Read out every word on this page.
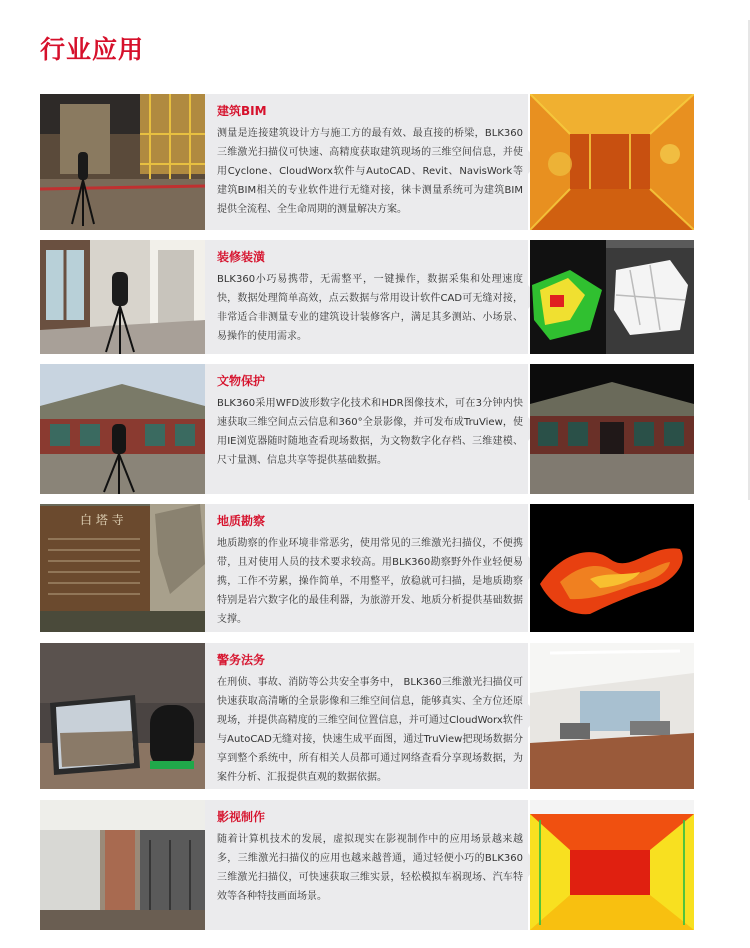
行业应用
建筑BIM
测量是连接建筑设计方与施工方的最有效、最直接的桥梁，BLK360三维激光扫描仪可快速、高精度获取建筑现场的三维空间信息，并使用Cyclone、CloudWorx软件与AutoCAD、Revit、NavisWork等建筑BIM相关的专业软件进行无缝对接，徕卡测量系统可为建筑BIM提供全流程、全生命周期的测量解决方案。
装修装潢
BLK360小巧易携带，无需整平，一键操作，数据采集和处理速度快，数据处理简单高效，点云数据与常用设计软件CAD可无缝对接，非常适合非测量专业的建筑设计装修客户，满足其多测站、小场景、易操作的使用需求。
文物保护
BLK360采用WFD波形数字化技术和HDR图像技术，可在3分钟内快速获取三维空间点云信息和360°全景影像，并可发布成TruView，使用IE浏览器随时随地查看现场数据，为文物数字化存档、三维建模、尺寸量测、信息共享等提供基础数据。
白 塔 寺	地质勘察
地质勘察的作业环境非常恶劣，使用常见的三维激光扫描仪，不便携带，且对使用人员的技术要求较高。用BLK360勘察野外作业轻便易携，工作不劳累，操作简单，不用整平，放稳就可扫描，是地质勘察特别是岩穴数字化的最佳利器，为旅游开发、地质分析提供基础数据支撑。
警务法务
在刑侦、事故、消防等公共安全事务中， BLK360三维激光扫描仪可快速获取高清晰的全景影像和三维空间信息，能够真实、全方位还原现场，并提供高精度的三维空间位置信息，并可通过CloudWorx软件与AutoCAD无缝对接，快速生成平面图，通过TruView把现场数据分享到整个系统中，所有相关人员都可通过网络查看分享现场数据，为案件分析、汇报提供直观的数据依据。
影视制作
随着计算机技术的发展，虚拟现实在影视制作中的应用场景越来越多，三维激光扫描仪的应用也越来越普通，通过轻便小巧的BLK360三维激光扫描仪，可快速获取三维实景，轻松模拟车祸现场、汽车特效等各种特技画面场景。
